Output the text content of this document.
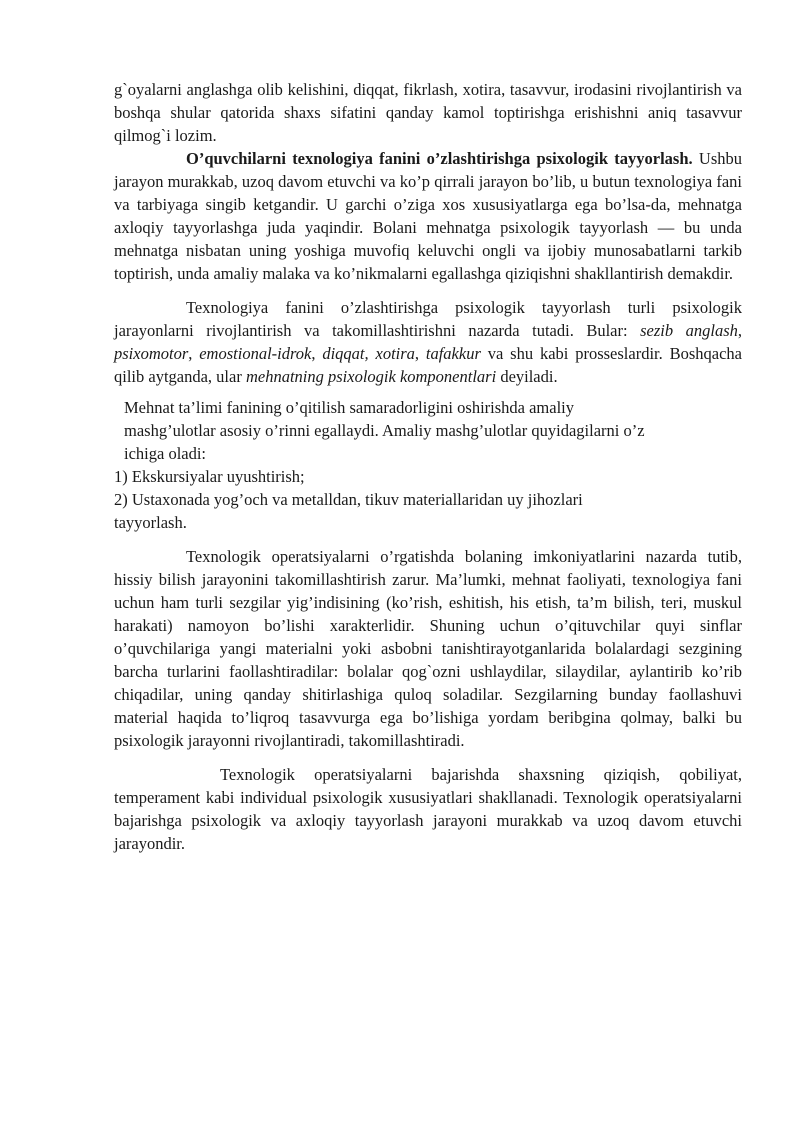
g`oyalarni anglashga olib kelishini, diqqat, fikrlash, xotira, tasavvur, irodasini rivojlantirish va boshqa shular qatorida shaxs sifatini qanday kamol toptirishga erishishni aniq tasavvur qilmog`i lozim.

O’quvchilarni texnologiya fanini o’zlashtirishga psixologik tayyorlash. Ushbu jarayon murakkab, uzoq davom etuvchi va ko’p qirrali jarayon bo’lib, u butun texnologiya fani va tarbiyaga singib ketgandir. U garchi o’ziga xos xususiyatlarga ega bo’lsa-da, mehnatga axloqiy tayyorlashga juda yaqindir. Bolani mehnatga psixologik tayyorlash — bu unda mehnatga nisbatan uning yoshiga muvofiq keluvchi ongli va ijobiy munosabatlarni tarkib toptirish, unda amaliy malaka va ko’nikmalarni egallashga qiziqishni shakllantirish demakdir.

Texnologiya fanini o’zlashtirishga psixologik tayyorlash turli psixologik jarayonlarni rivojlantirish va takomillashtirishni nazarda tutadi. Bular: sezib anglash, psixomotor, emostional-idrok, diqqat, xotira, tafakkur va shu kabi prosseslardir. Boshqacha qilib aytganda, ular mehnatning psixologik komponentlari deyiladi.

Mehnat ta’limi fanining o’qitilish samaradorligini oshirishda amaliy mashg’ulotlar asosiy o’rinni egallaydi. Amaliy mashg’ulotlar quyidagilarni o’z ichiga oladi:

1) Ekskursiyalar uyushtirish;

2) Ustaxonada yog’och va metalldan, tikuv materiallaridan uy jihozlari tayyorlash.

Texnologik operatsiyalarni o’rgatishda bolaning imkoniyatlarini nazarda tutib, hissiy bilish jarayonini takomillashtirish zarur. Ma’lumki, mehnat faoliyati, texnologiya fani uchun ham turli sezgilar yig’indisining (ko’rish, eshitish, his etish, ta’m bilish, teri, muskul harakati) namoyon bo’lishi xarakterlidir. Shuning uchun o’qituvchilar quyi sinflar o’quvchilariga yangi materialni yoki asbobni tanishtirayotganlarida bolalardagi sezgining barcha turlarini faollashtiradilar: bolalar qog`ozni ushlaydilar, silaydilar, aylantirib ko’rib chiqadilar, uning qanday shitirlashiga quloq soladilar. Sezgilarning bunday faollashuvi material haqida to’liqroq tasavvurga ega bo’lishiga yordam beribgina qolmay, balki bu psixologik jarayonni rivojlantiradi, takomillashtiradi.

Texnologik operatsiyalarni bajarishda shaxsning qiziqish, qobiliyat, temperament kabi individual psixologik xususiyatlari shakllanadi. Texnologik operatsiyalarni bajarishga psixologik va axloqiy tayyorlash jarayoni murakkab va uzoq davom etuvchi jarayondir.
